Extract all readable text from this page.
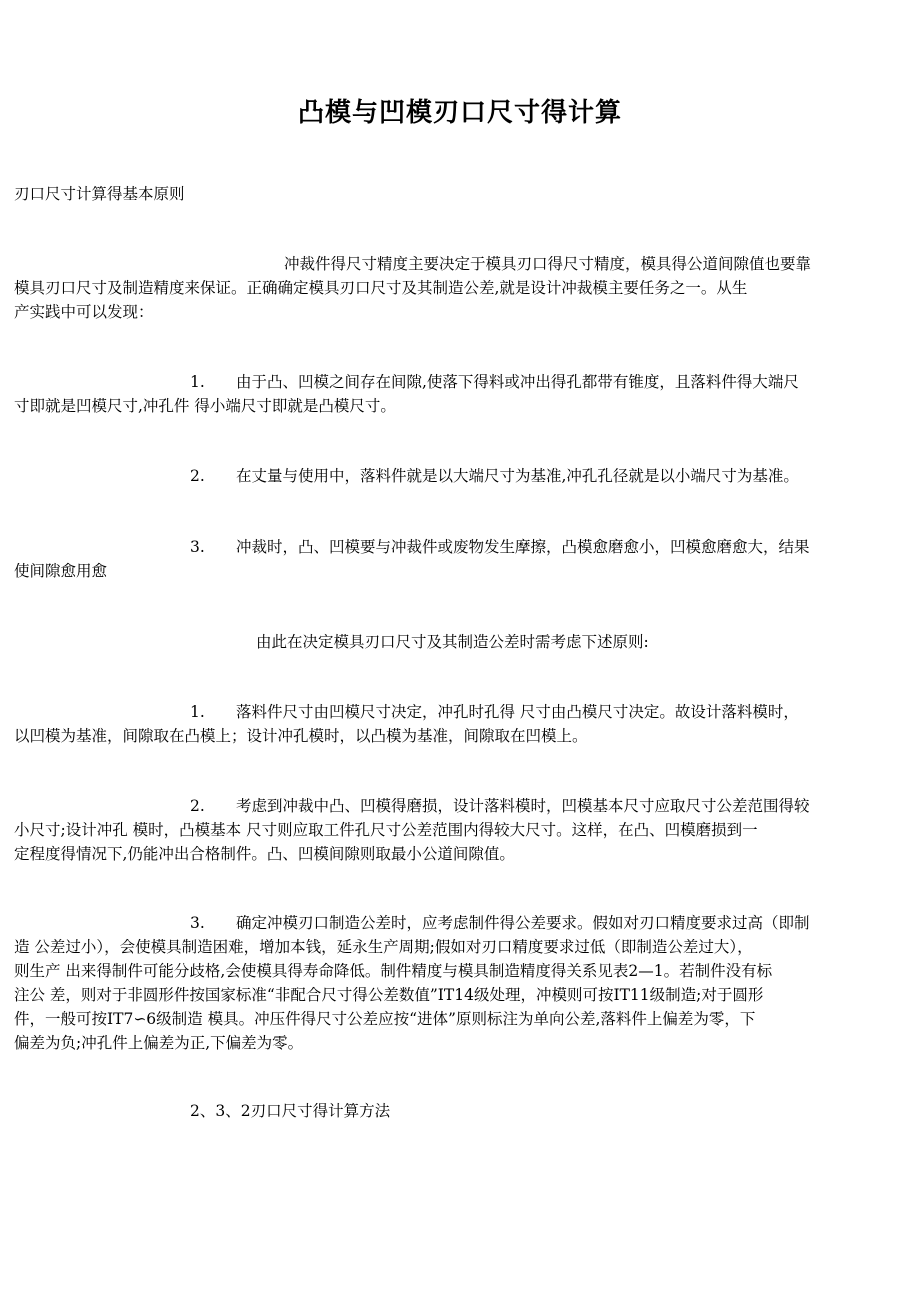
凸模与凹模刃口尺寸得计算
刃口尺寸计算得基本原则
冲裁件得尺寸精度主要决定于模具刃口得尺寸精度，模具得公道间隙值也要靠
模具刃口尺寸及制造精度来保证。正确确定模具刃口尺寸及其制造公差,就是设计冲裁模主要任务之一。从生
产实践中可以发现：
1. 由于凸、凹模之间存在间隙,使落下得料或冲出得孔都带有锥度，且落料件得大端尺
寸即就是凹模尺寸,冲孔件 得小端尺寸即就是凸模尺寸。
2. 在丈量与使用中，落料件就是以大端尺寸为基准,冲孔孔径就是以小端尺寸为基准。
3. 冲裁时，凸、凹模要与冲裁件或废物发生摩擦，凸模愈磨愈小，凹模愈磨愈大，结果
使间隙愈用愈
由此在决定模具刃口尺寸及其制造公差时需考虑下述原则:
1. 落料件尺寸由凹模尺寸决定，冲孔时孔得 尺寸由凸模尺寸决定。故设计落料模时，
以凹模为基准，间隙取在凸模上；设计冲孔模时，以凸模为基准，间隙取在凹模上。
2. 考虑到冲裁中凸、凹模得磨损，设计落料模时，凹模基本尺寸应取尺寸公差范围得较
小尺寸;设计冲孔 模时，凸模基本 尺寸则应取工件孔尺寸公差范围内得较大尺寸。这样，在凸、凹模磨损到一
定程度得情况下,仍能冲出合格制件。凸、凹模间隙则取最小公道间隙值。
3. 确定冲模刃口制造公差时，应考虑制件得公差要求。假如对刃口精度要求过高（即制
造 公差过小），会使模具制造困难，增加本钱，延永生产周期;假如对刃口精度要求过低（即制造公差过大），
则生产 出来得制件可能分歧格,会使模具得寿命降低。制件精度与模具制造精度得关系见表2—1。若制件没有标
注公 差，则对于非圆形件按国家标准“非配合尺寸得公差数值”IT14级处理，冲模则可按IT11级制造;对于圆形
件，一般可按IT7∽6级制造 模具。冲压件得尺寸公差应按“进体”原则标注为单向公差,落料件上偏差为零，下
偏差为负;冲孔件上偏差为正,下偏差为零。
2、3、2刃口尺寸得计算方法
